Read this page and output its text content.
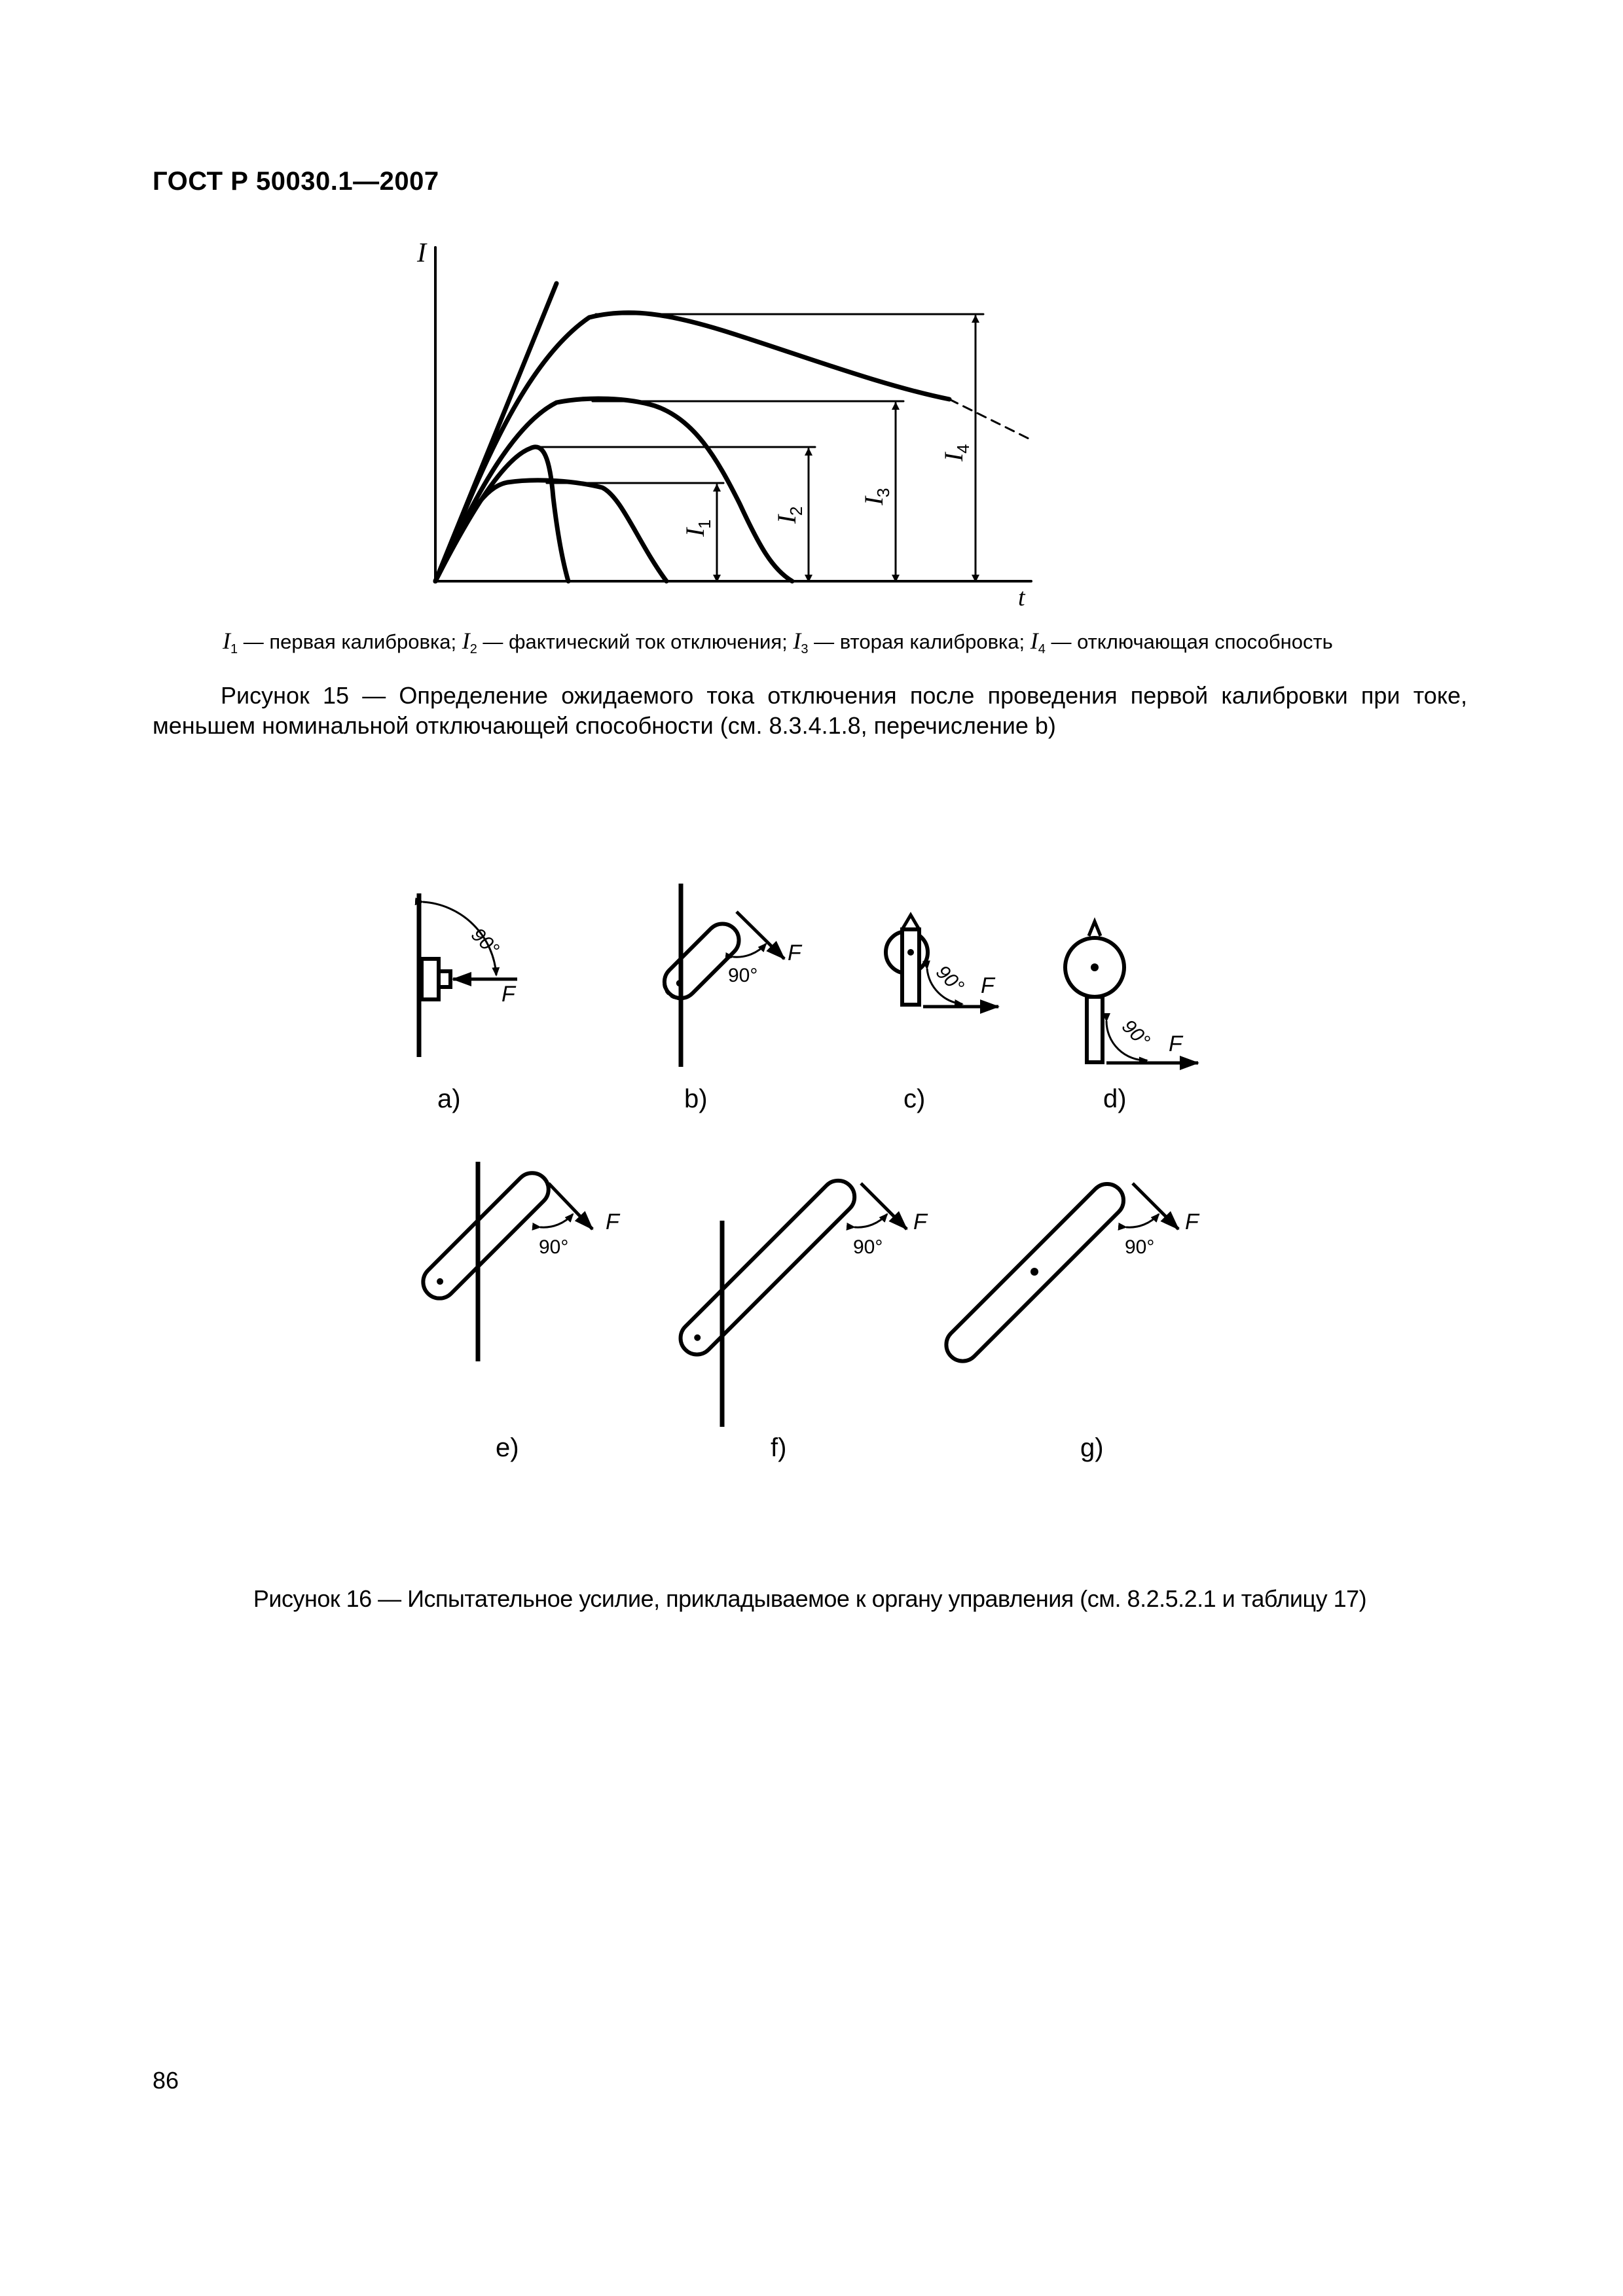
ГОСТ Р 50030.1—2007
I
t
I
1
I
2
I
3
I
4
$I_1$ — первая калибровка; $I_2$ — фактический ток отключения; $I_3$ — вторая калибровка; $I_4$ — отключающая способность
Рисунок 15 — Определение ожидаемого тока отключения после проведения первой калибровки при токе, меньшем номинальной отключающей способности (см. 8.3.4.1.8, перечисление b)
90°
F
90°
F
90° F
90° F
90°
F
90°
F
90°
F
a)	b)	c)	d)
e)	f)	g)
Рисунок 16 — Испытательное усилие, прикладываемое к органу управления (см. 8.2.5.2.1 и таблицу 17)
86
